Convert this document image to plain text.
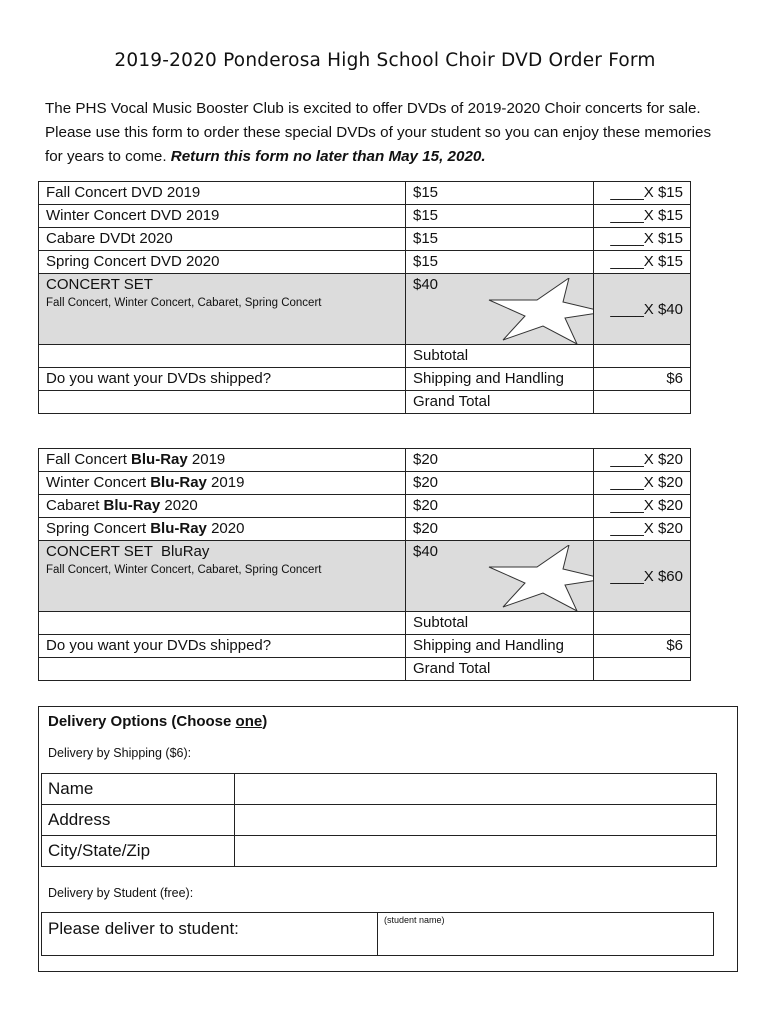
2019-2020 Ponderosa High School Choir DVD Order Form
The PHS Vocal Music Booster Club is excited to offer DVDs of 2019-2020 Choir concerts for sale. Please use this form to order these special DVDs of your student so you can enjoy these memories for years to come. Return this form no later than May 15, 2020.
Fall Concert DVD 2019	$15	____X $15
Winter Concert DVD 2019	$15	____X $15
Cabare DVDt 2020	$15	____X $15
Spring Concert DVD 2020	$15	____X $15
CONCERT SET
Fall Concert, Winter Concert, Cabaret, Spring Concert	$40	____X $40
	Subtotal	
Do you want your DVDs shipped?	Shipping and Handling	$6
	Grand Total	
Fall Concert Blu-Ray 2019	$20	____X $20
Winter Concert Blu-Ray 2019	$20	____X $20
Cabaret Blu-Ray 2020	$20	____X $20
Spring Concert Blu-Ray 2020	$20	____X $20
CONCERT SET  BluRay
Fall Concert, Winter Concert, Cabaret, Spring Concert	$40	____X $60
	Subtotal	
Do you want your DVDs shipped?	Shipping and Handling	$6
	Grand Total	
Delivery Options (Choose one)
Delivery by Shipping ($6):
Name	
Address	
City/State/Zip	
Delivery by Student (free):
Please deliver to student:	(student name)
